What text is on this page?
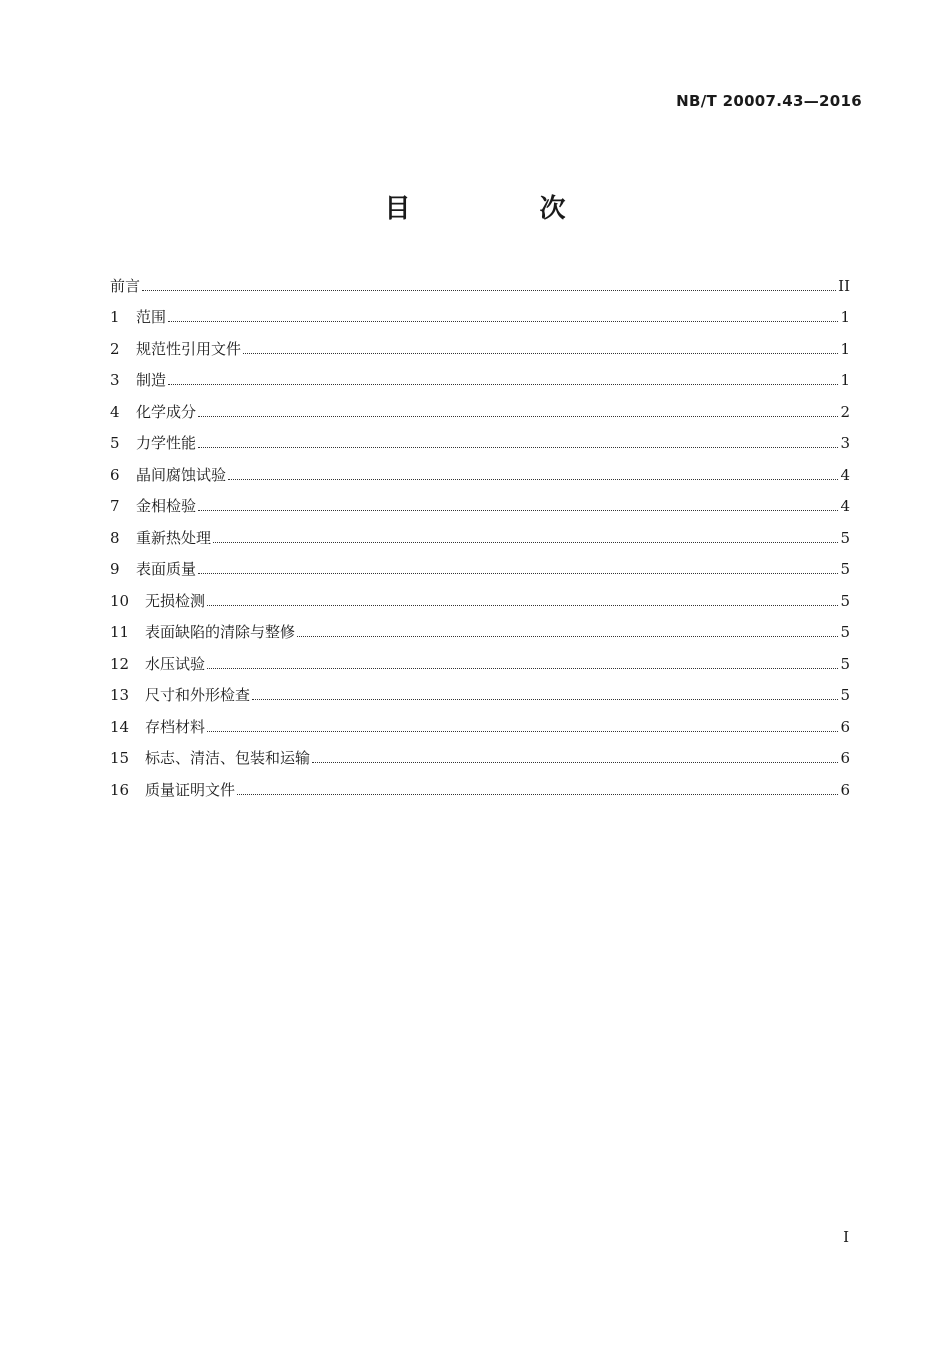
NB/T 20007.43—2016
目 次
前言	II
1	范围	1
2	规范性引用文件	1
3	制造	1
4	化学成分	2
5	力学性能	3
6	晶间腐蚀试验	4
7	金相检验	4
8	重新热处理	5
9	表面质量	5
10	无损检测	5
11	表面缺陷的清除与整修	5
12	水压试验	5
13	尺寸和外形检查	5
14	存档材料	6
15	标志、清洁、包装和运输	6
16	质量证明文件	6
I
